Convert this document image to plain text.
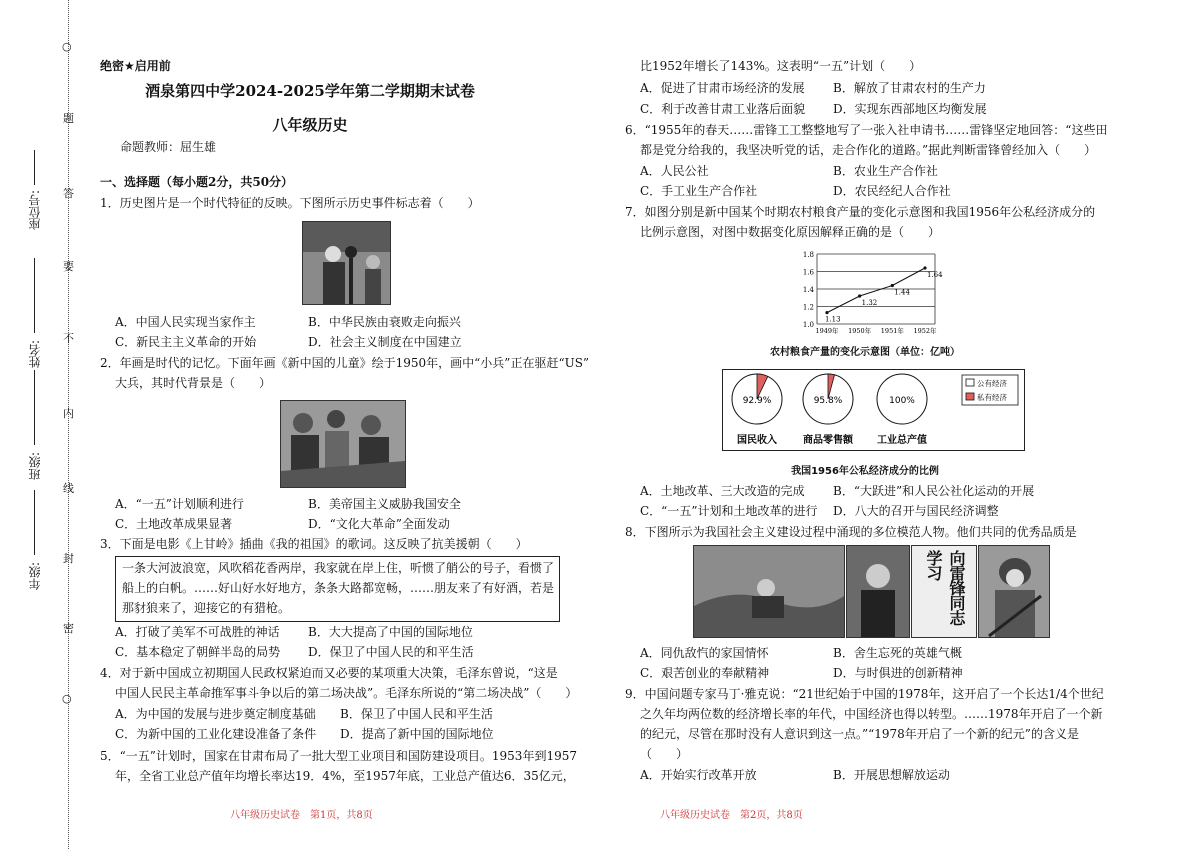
○
○
题
答
要
不
内
线
封
密
座位号:
姓名:
班级:
年级:
绝密★启用前
酒泉第四中学2024-2025学年第二学期期末试卷
八年级历史
命题教师：屈生雄
一、选择题（每小题2分，共50分）
1．历史图片是一个时代特征的反映。下图所示历史事件标志着（　　）
A．中国人民实现当家作主	B．中华民族由衰败走向振兴
C．新民主主义革命的开始	D．社会主义制度在中国建立
2．年画是时代的记忆。下面年画《新中国的儿童》绘于1950年，画中“小兵”正在驱赶“US”
大兵，其时代背景是（　　）
A．“一五”计划顺利进行	B．美帝国主义威胁我国安全
C．土地改革成果显著	D．“文化大革命”全面发动
3．下面是电影《上甘岭》插曲《我的祖国》的歌词。这反映了抗美援朝（　　）
一条大河波浪宽，风吹稻花香两岸，我家就在岸上住，听惯了艄公的号子，看惯了
船上的白帆。……好山好水好地方，条条大路都宽畅，……朋友来了有好酒，若是
那豺狼来了，迎接它的有猎枪。
A．打破了美军不可战胜的神话 B．大大提高了中国的国际地位
C．基本稳定了朝鲜半岛的局势 D．保卫了中国人民的和平生活
4．对于新中国成立初期国人民政权紧迫而又必要的某项重大决策，毛泽东曾说，“这是
中国人民民主革命推军事斗争以后的第二场决战”。毛泽东所说的“第二场决战”（　　）
A．为中国的发展与进步奠定制度基础 B．保卫了中国人民和平生活
C．为新中国的工业化建设准备了条件 D．提高了新中国的国际地位
5．“一五”计划时，国家在甘肃布局了一批大型工业项目和国防建设项目。1953年到1957
年，全省工业总产值年均增长率达19．4%，至1957年底，工业总产值达6．35亿元，
八年级历史试卷　第1页，共8页
比1952年增长了143%。这表明“一五”计划（　　）
A．促进了甘肃市场经济的发展 B．解放了甘肃农村的生产力
C．利于改善甘肃工业落后面貌 D．实现东西部地区均衡发展
6．“1955年的春天……雷锋工工整整地写了一张入社申请书……雷锋坚定地回答：“这些田
都是党分给我的，我坚决听党的话，走合作化的道路。”据此判断雷锋曾经加入（　　）
A．人民公社	B．农业生产合作社
C．手工业生产合作社	D．农民经纪人合作社
7．如图分别是新中国某个时期农村粮食产量的变化示意图和我国1956年公私经济成分的
比例示意图，对图中数据变化原因解释正确的是（　　）
1.0
1.2
1.4
1.6
1.8
1949年 1950年 1951年 1952年
1.13
1.32
1.44
1.64
农村粮食产量的变化示意图（单位：亿吨）
92.9%
国民收入
95.8%
商品零售额
100%
工业总产值
公有经济
私有经济
我国1956年公私经济成分的比例
A．土地改革、三大改造的完成 B．“大跃进”和人民公社化运动的开展
C．“一五”计划和土地改革的进行 D．八大的召开与国民经济调整
8．下图所示为我国社会主义建设过程中涌现的多位模范人物。他们共同的优秀品质是
向雷锋同志学习
A．同仇敌忾的家国情怀	B．舍生忘死的英雄气概
C．艰苦创业的奉献精神	D．与时俱进的创新精神
9．中国问题专家马丁·雅克说：“21世纪始于中国的1978年，这开启了一个长达1/4个世纪
之久年均两位数的经济增长率的年代，中国经济也得以转型。……1978年开启了一个新
的纪元，尽管在那时没有人意识到这一点。”“1978年开启了一个新的纪元”的含义是
（　　）
A．开始实行改革开放	B．开展思想解放运动
八年级历史试卷　第2页，共8页
